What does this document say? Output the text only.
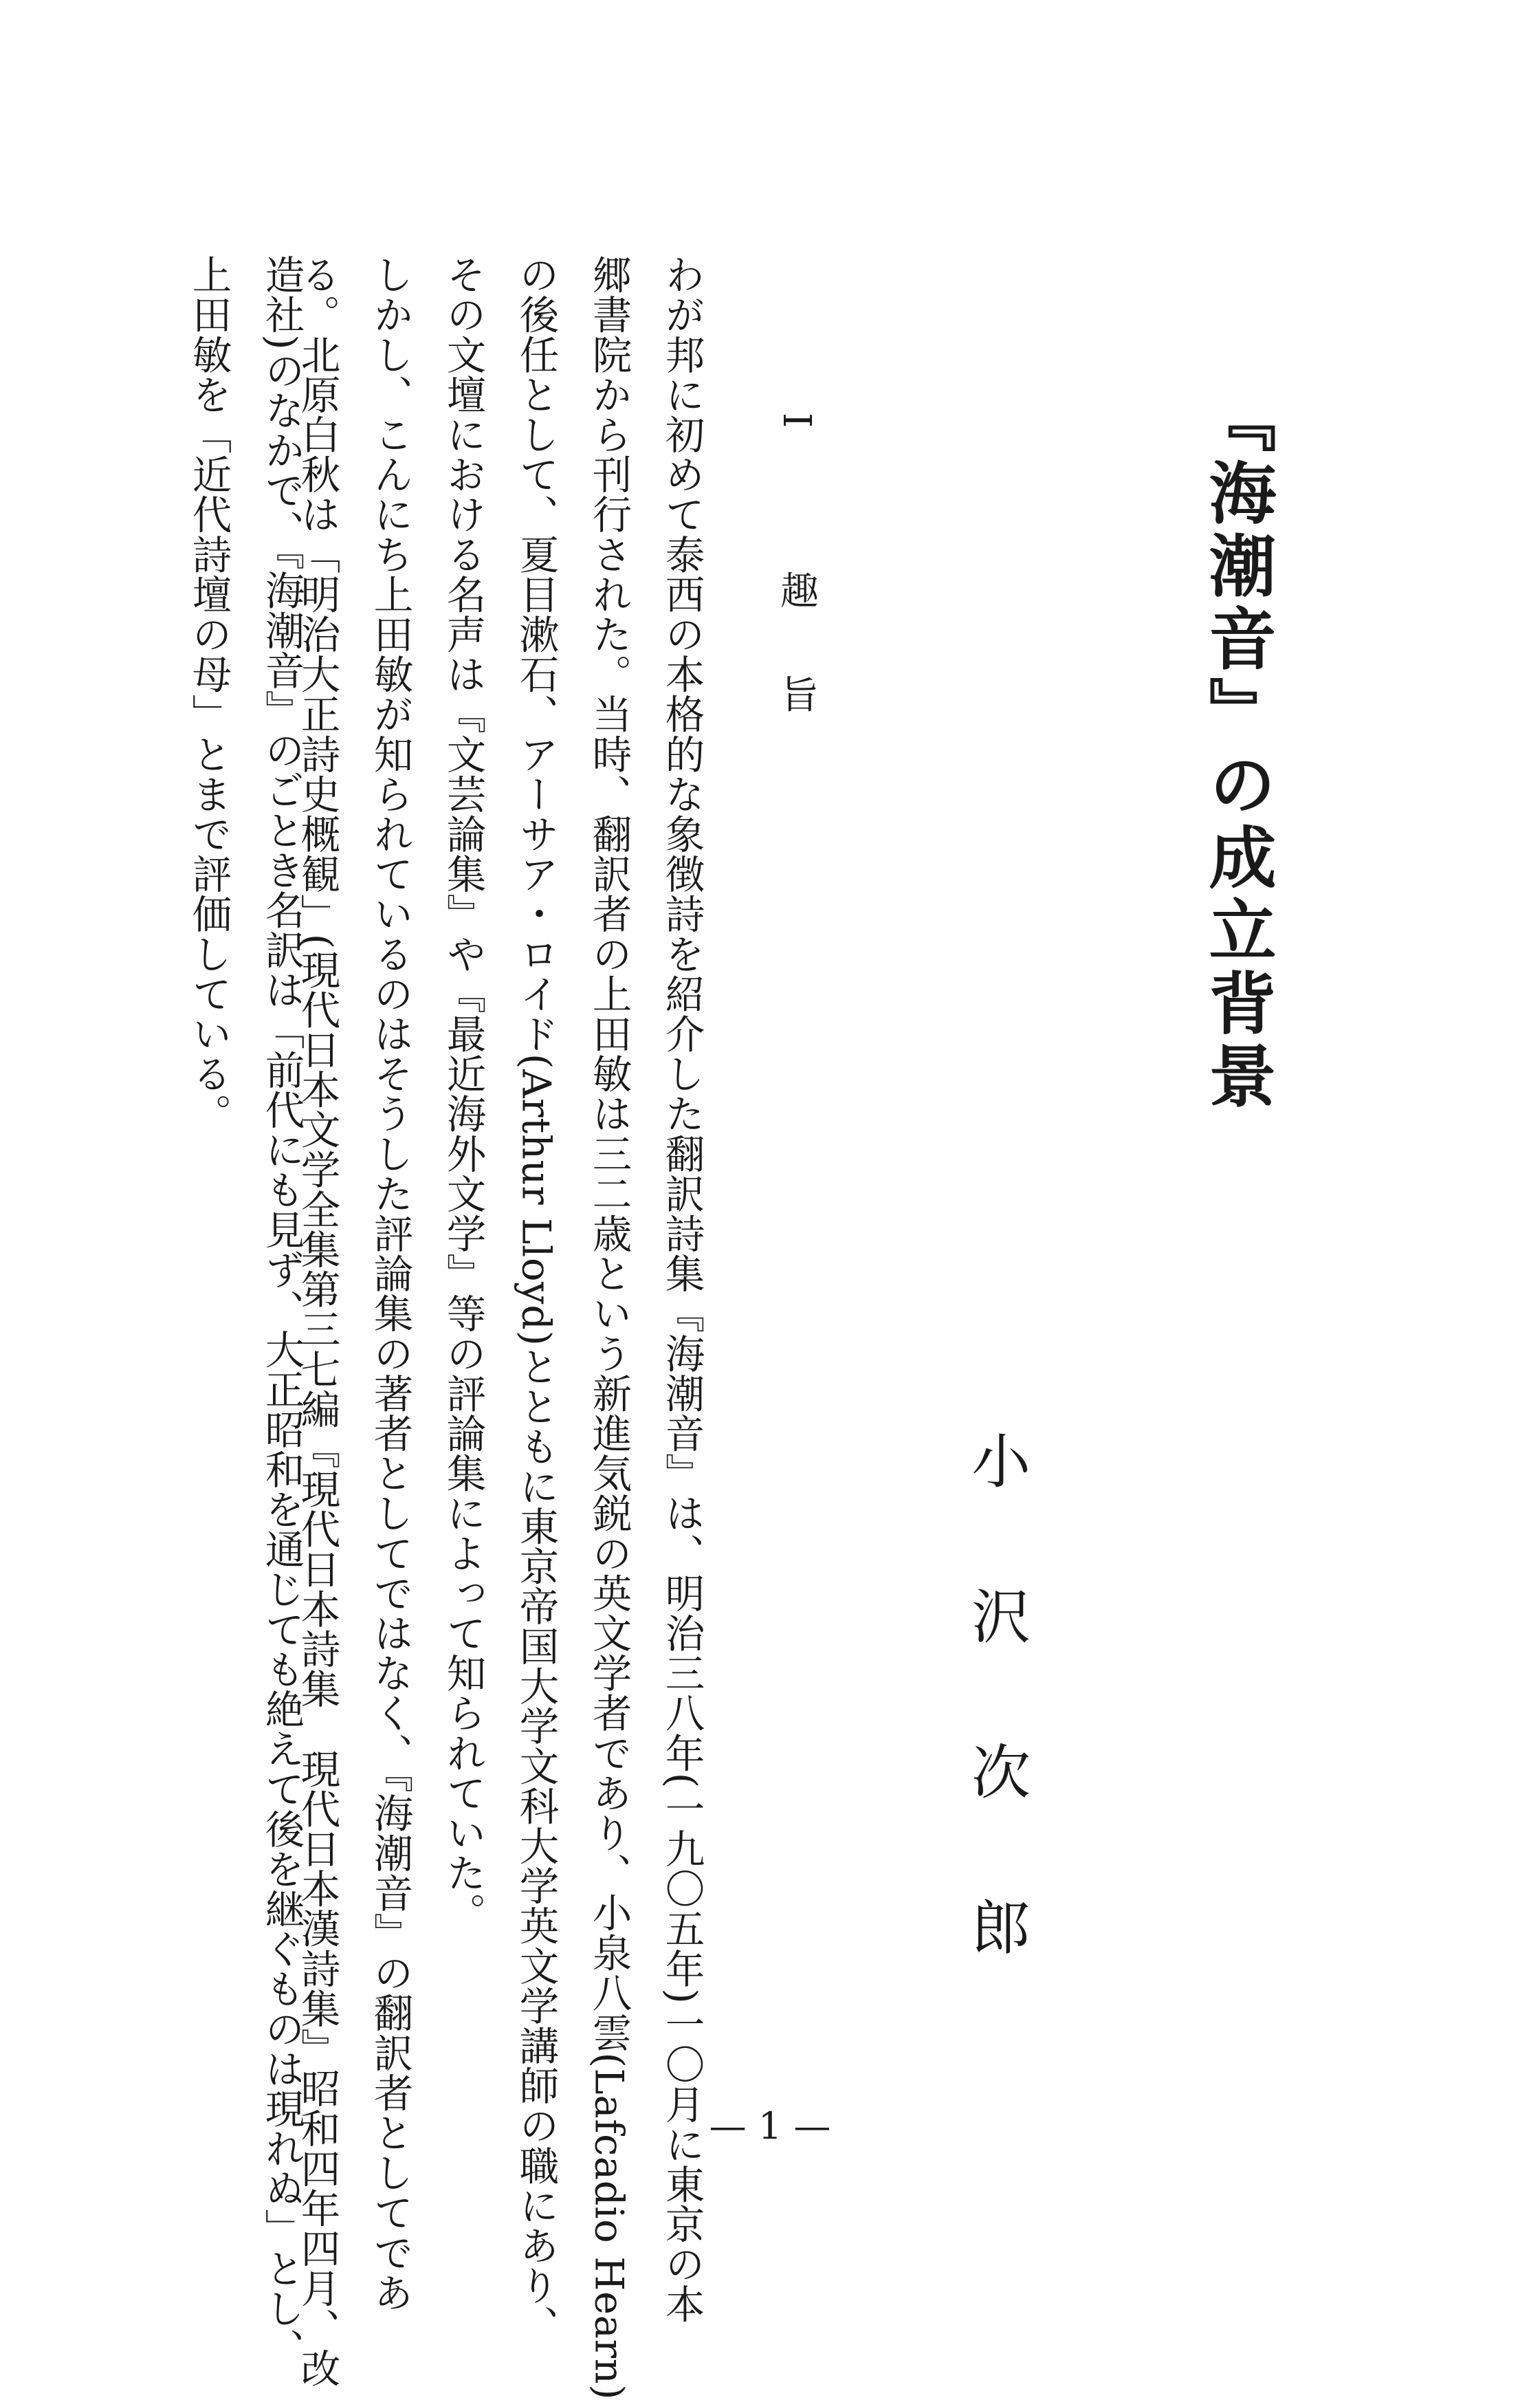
『海潮音』の成立背景
小沢次郎
I 趣旨
わが邦に初めて泰西の本格的な象徴詩を紹介した翻訳詩集『海潮音』は、明治三八年(一九〇五年)一〇月に東京の本
郷書院から刊行された。当時、翻訳者の上田敏は三二歳という新進気鋭の英文学者であり、小泉八雲(Lafcadio Hearn)
の後任として、夏目漱石、アーサア・ロイド(Arthur Lloyd)とともに東京帝国大学文科大学英文学講師の職にあり、
その文壇における名声は『文芸論集』や『最近海外文学』等の評論集によって知られていた。
しかし、こんにち上田敏が知られているのはそうした評論集の著者としてではなく、『海潮音』の翻訳者としてであ
る。北原白秋は「明治大正詩史概観」(現代日本文学全集第三七編『現代日本詩集　現代日本漢詩集』昭和四年四月、改
造社)のなかで、『海潮音』のごとき名訳は「前代にも見ず、大正昭和を通じても絶えて後を継ぐものは現れぬ」とし、
上田敏を「近代詩壇の母」とまで評価している。
— 1 —
